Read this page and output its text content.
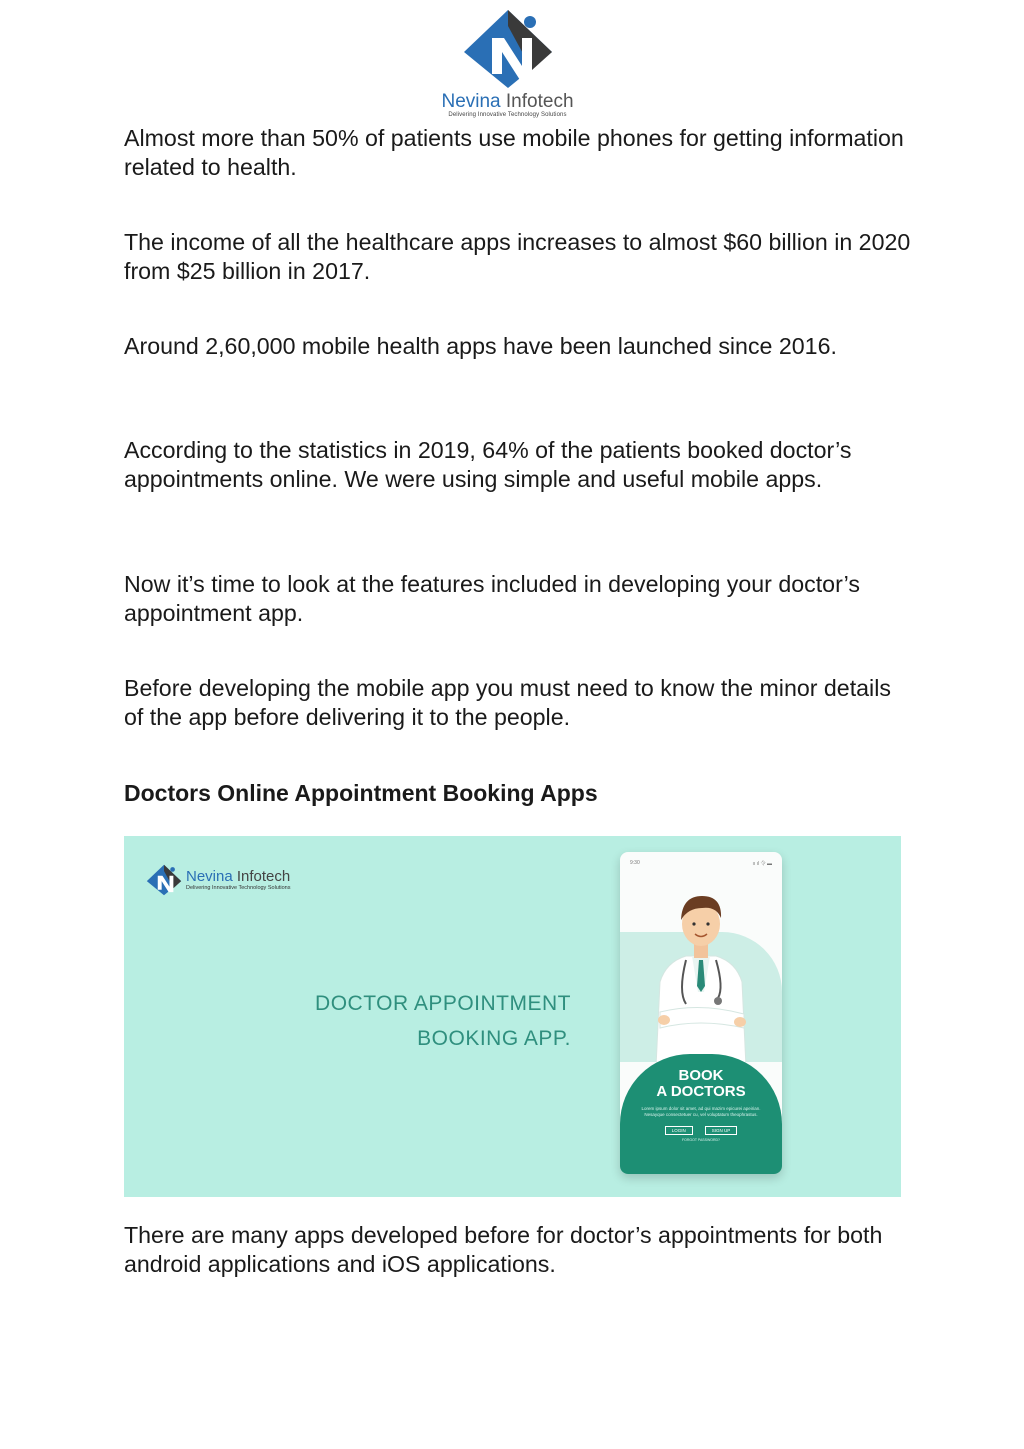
Nevina Infotech
Delivering Innovative Technology Solutions

Almost more than 50% of patients use mobile phones for getting information related to health.

The income of all the healthcare apps increases to almost $60 billion in 2020 from $25 billion in 2017.

Around 2,60,000 mobile health apps have been launched since 2016.

According to the statistics in 2019, 64% of the patients booked doctor’s appointments online. We were using simple and useful mobile apps.

Now it’s time to look at the features included in developing your doctor’s appointment app.

Before developing the mobile app you must need to know the minor details of the app before delivering it to the people.

Doctors Online Appointment Booking Apps
Nevina Infotech
Delivering Innovative Technology Solutions
DOCTOR APPOINTMENT
BOOKING APP.
9:30	ıı ıl 令 ▬
BOOK
A DOCTORS
Lorem ipsum dolor sit amet, ad qui mazim epicurei apeirian. Nesayque consectetuer cu, vel voluptatum theophrastus.
LOGIN	SIGN UP
FORGOT PASSWORD?

There are many apps developed before for doctor’s appointments for both android applications and iOS applications.
